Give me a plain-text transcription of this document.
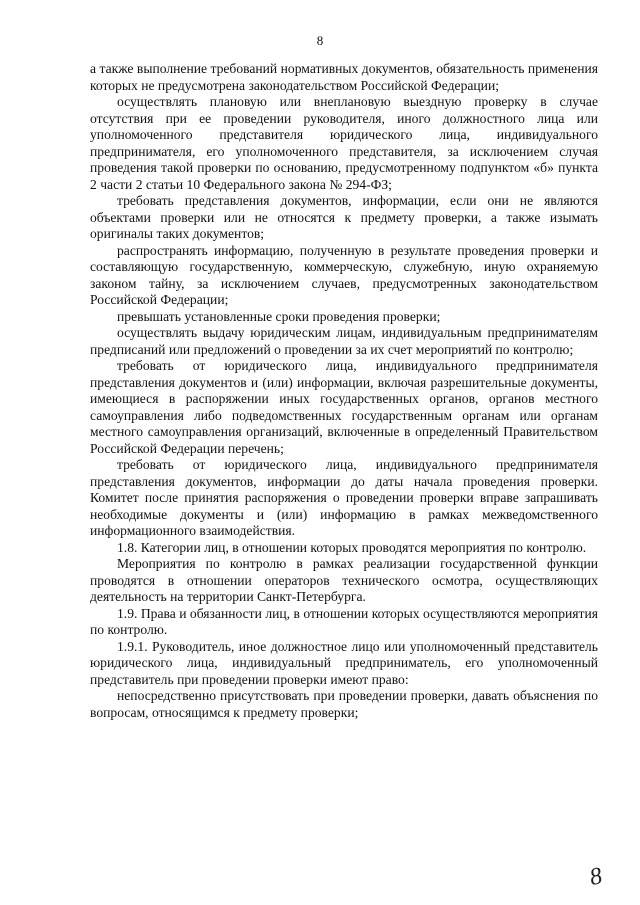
8

а также выполнение требований нормативных документов, обязательность применения которых не предусмотрена законодательством Российской Федерации;

осуществлять плановую или внеплановую выездную проверку в случае отсутствия при ее проведении руководителя, иного должностного лица или уполномоченного представителя юридического лица, индивидуального предпринимателя, его уполномоченного представителя, за исключением случая проведения такой проверки по основанию, предусмотренному подпунктом «б» пункта 2 части 2 статьи 10 Федерального закона № 294-ФЗ;

требовать представления документов, информации, если они не являются объектами проверки или не относятся к предмету проверки, а также изымать оригиналы таких документов;

распространять информацию, полученную в результате проведения проверки и составляющую государственную, коммерческую, служебную, иную охраняемую законом тайну, за исключением случаев, предусмотренных законодательством Российской Федерации;

превышать установленные сроки проведения проверки;

осуществлять выдачу юридическим лицам, индивидуальным предпринимателям предписаний или предложений о проведении за их счет мероприятий по контролю;

требовать от юридического лица, индивидуального предпринимателя представления документов и (или) информации, включая разрешительные документы, имеющиеся в распоряжении иных государственных органов, органов местного самоуправления либо подведомственных государственным органам или органам местного самоуправления организаций, включенные в определенный Правительством Российской Федерации перечень;

требовать от юридического лица, индивидуального предпринимателя представления документов, информации до даты начала проведения проверки. Комитет после принятия распоряжения о проведении проверки вправе запрашивать необходимые документы и (или) информацию в рамках межведомственного информационного взаимодействия.

1.8. Категории лиц, в отношении которых проводятся мероприятия по контролю.

Мероприятия по контролю в рамках реализации государственной функции проводятся в отношении операторов технического осмотра, осуществляющих деятельность на территории Санкт-Петербурга.

1.9. Права и обязанности лиц, в отношении которых осуществляются мероприятия по контролю.

1.9.1. Руководитель, иное должностное лицо или уполномоченный представитель юридического лица, индивидуальный предприниматель, его уполномоченный представитель при проведении проверки имеют право:

непосредственно присутствовать при проведении проверки, давать объяснения по вопросам, относящимся к предмету проверки;

8
